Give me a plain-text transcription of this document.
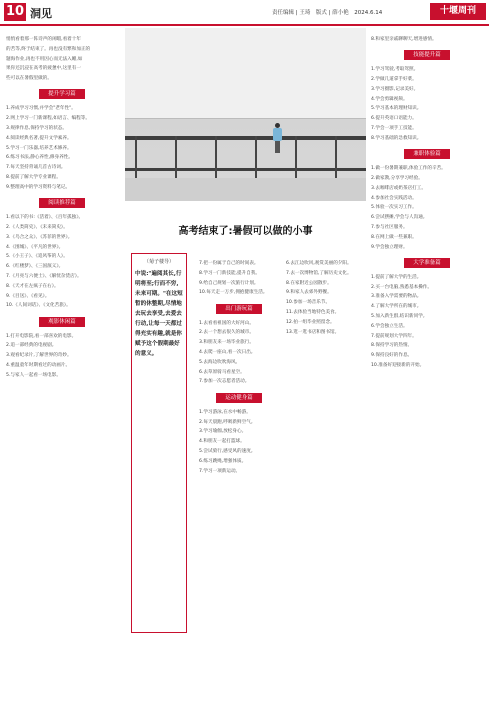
10 洞见	责任编辑 | 王琦　版式 | 薛小艳　2024.6.14	十堰周刊

悄悄看着那一阵诗声的闲暇,看着十年

的苦等,终于结束了。再也没有繁和加正的

题海作业,再也不用因心而无法入睡,如

果你还沉浸在高考的疲惫中,这里有一

些可以在暑假里做的。

提升学习篇

1.养成学习习惯,并学会"老年性"。

2.网上学习一门新课程,如语言、编程等。

3.规律作息,保持学习的状态。

4.阅读经典名著,提升文学素养。

5.学习一门乐器,培养艺术修养。

6.练习书法,静心养性,修身养性。

7.每天坚持背诵几首古诗词。

8.提前了解大学专业课程。

9.整理高中的学习资料与笔记。

阅读推荐篇

1.看以下的书:《活着》、《百年孤独》。

2.《人类简史》、《未来简史》。

3.《乌合之众》、《苏菲的世界》。

4.《围城》、《平凡的世界》。

5.《小王子》、《追风筝的人》。

6.《红楼梦》、《三国演义》。

7.《月亮与六便士》、《解忧杂货店》。

8.《天才在左疯子在右》。

9.《目送》、《看见》。

10.《人间词话》、《文化苦旅》。

观影休闲篇

1.打开电影院,看一部喜欢的电影。

2.追一部经典的电视剧。

3.观看纪录片,了解世界的奇妙。

4.重温童年时期看过的动画片。

5.与家人一起看一场电影。

高考结束了:暑假可以做的小事
（菊子楼导）
中说:"遍阅其长,行明将至;行而不穷,未来可期。"在这短暂的休整期,尽情地去玩去享受,去爱去行动,让每一天都过得充实有趣,就是你赋予这个假期最好的意义。

7.把一份属于自己的时间表。

8.学习一门新技能,提升自我。

9.给自己规划一次旅行计划。

10.每天走一万步,拥抱健康生活。

出门游玩篇

1.去看看祖国的大好河山。

2.去一个想去很久的城市。

3.和朋友来一场毕业旅行。

4.去爬一座山,看一次日出。

5.去海边吹吹海风。

6.去草原骑马看星空。

7.参加一次志愿者活动。

运动健身篇

1.学习游泳,在水中畅游。

2.每天晨跑,呼吸新鲜空气。

3.学习瑜伽,放松身心。

4.和朋友一起打篮球。

5.尝试骑行,感受风的速度。

6.练习跳绳,增强体质。

7.学习一项新运动。

6.去江边吹风,观赏美丽的夕阳。

7.去一次博物馆,了解历史文化。

8.在家附近公园散步。

9.和家人去郊外野餐。

10.参加一场音乐节。

11.去体验当地特色美食。

12.拍一组毕业照留念。

13.逛一逛书店和图书馆。

8.和家里亲戚聊聊天,增进感情。

技能提升篇

1.学习驾驶,考取驾照。

2.学做几道拿手好菜。

3.学习摄影,记录美好。

4.学会剪辑视频。

5.学习基本的理财知识。

6.提升英语口语能力。

7.学会一项手工技能。

8.学习基础的急救知识。

兼职体验篇

1.做一份暑期兼职,体验工作的辛苦。

2.做家教,分享学习经验。

3.去咖啡店或奶茶店打工。

4.参加社会实践活动。

5.体验一次实习工作。

6.尝试摆摊,学会与人沟通。

7.参与社区服务。

8.在网上做一些兼职。

9.学会独立理财。

大学准备篇

1.提前了解大学的生活。

2.买一台电脑,熟悉基本操作。

3.准备入学需要的物品。

4.了解大学所在的城市。

5.加入新生群,结识新同学。

6.学会独立生活。

7.提前规划大学四年。

8.保持学习的热情。

9.保持良好的作息。

10.准备好迎接新的开始。
